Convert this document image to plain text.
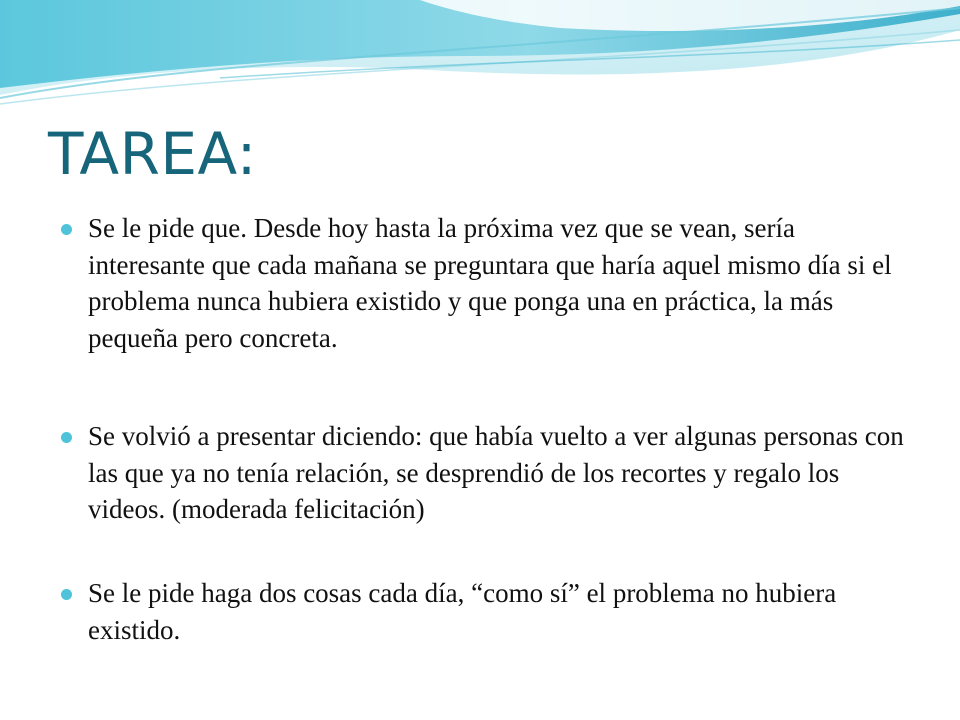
TAREA:

Se le pide que. Desde hoy hasta la próxima vez que se vean, sería interesante que cada mañana se preguntara que haría aquel mismo día si el problema nunca hubiera existido y que ponga una en práctica, la más pequeña pero concreta.

Se volvió a presentar diciendo: que había vuelto a ver algunas personas con las que ya no tenía relación, se desprendió de los recortes y regalo los videos. (moderada felicitación)

Se le pide haga dos cosas cada día, “como sí” el problema no hubiera existido.
